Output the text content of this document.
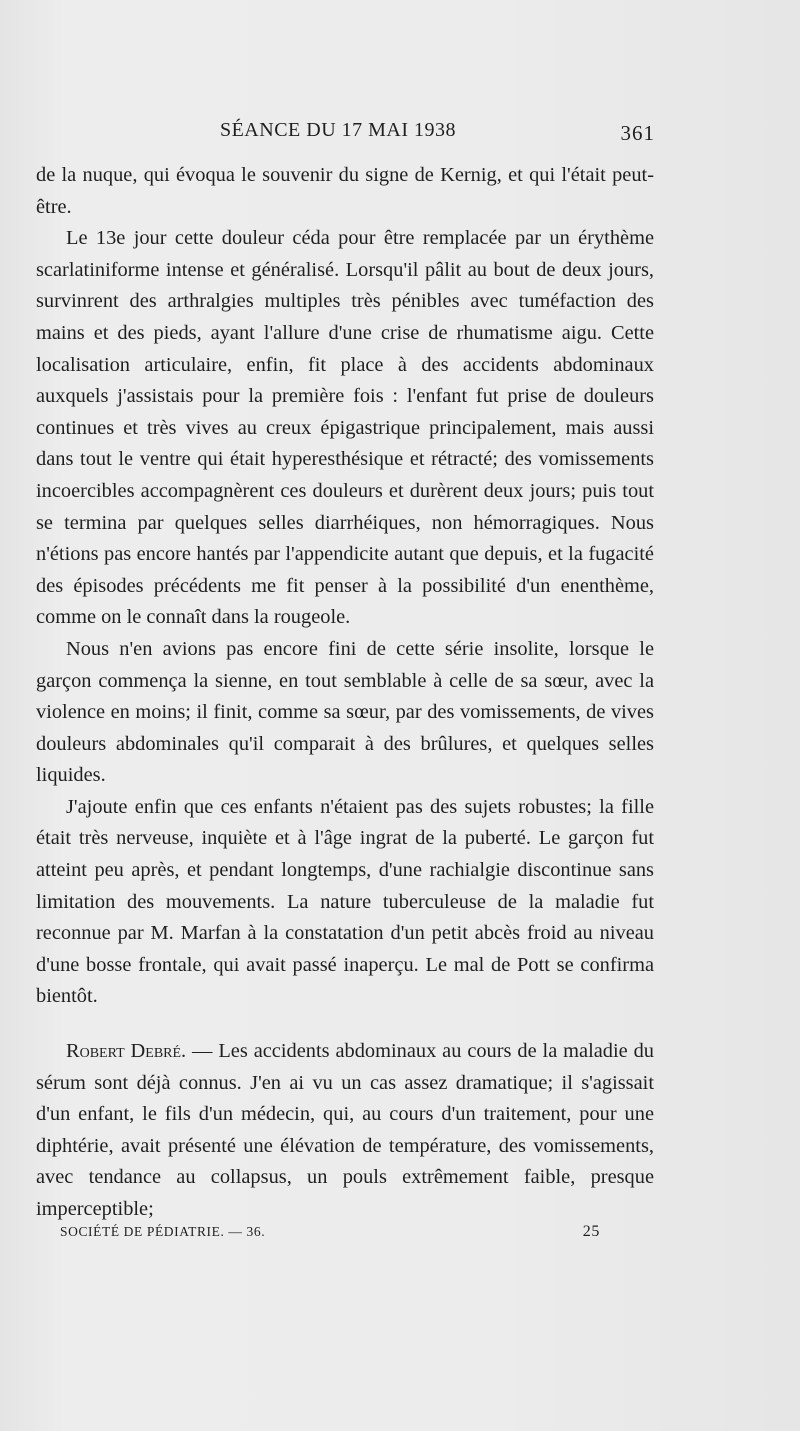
SÉANCE DU 17 MAI 1938	361

de la nuque, qui évoqua le souvenir du signe de Kernig, et qui l'était peut-être.

Le 13e jour cette douleur céda pour être remplacée par un érythème scarlatiniforme intense et généralisé. Lorsqu'il pâlit au bout de deux jours, survinrent des arthralgies multiples très pénibles avec tuméfaction des mains et des pieds, ayant l'allure d'une crise de rhumatisme aigu. Cette localisation articulaire, enfin, fit place à des accidents abdominaux auxquels j'assistais pour la première fois : l'enfant fut prise de douleurs continues et très vives au creux épigastrique principalement, mais aussi dans tout le ventre qui était hyperesthésique et rétracté; des vomissements incoercibles accompagnèrent ces douleurs et durèrent deux jours; puis tout se termina par quelques selles diarrhéiques, non hémorragiques. Nous n'étions pas encore hantés par l'appendicite autant que depuis, et la fugacité des épisodes précédents me fit penser à la possibilité d'un enenthème, comme on le connaît dans la rougeole.

Nous n'en avions pas encore fini de cette série insolite, lorsque le garçon commença la sienne, en tout semblable à celle de sa sœur, avec la violence en moins; il finit, comme sa sœur, par des vomissements, de vives douleurs abdominales qu'il comparait à des brûlures, et quelques selles liquides.

J'ajoute enfin que ces enfants n'étaient pas des sujets robustes; la fille était très nerveuse, inquiète et à l'âge ingrat de la puberté. Le garçon fut atteint peu après, et pendant longtemps, d'une rachialgie discontinue sans limitation des mouvements. La nature tuberculeuse de la maladie fut reconnue par M. Marfan à la constatation d'un petit abcès froid au niveau d'une bosse frontale, qui avait passé inaperçu. Le mal de Pott se confirma bientôt.

Robert Debré. — Les accidents abdominaux au cours de la maladie du sérum sont déjà connus. J'en ai vu un cas assez dramatique; il s'agissait d'un enfant, le fils d'un médecin, qui, au cours d'un traitement, pour une diphtérie, avait présenté une élévation de température, des vomissements, avec tendance au collapsus, un pouls extrêmement faible, presque imperceptible;

SOCIÉTÉ DE PÉDIATRIE. — 36.	25
